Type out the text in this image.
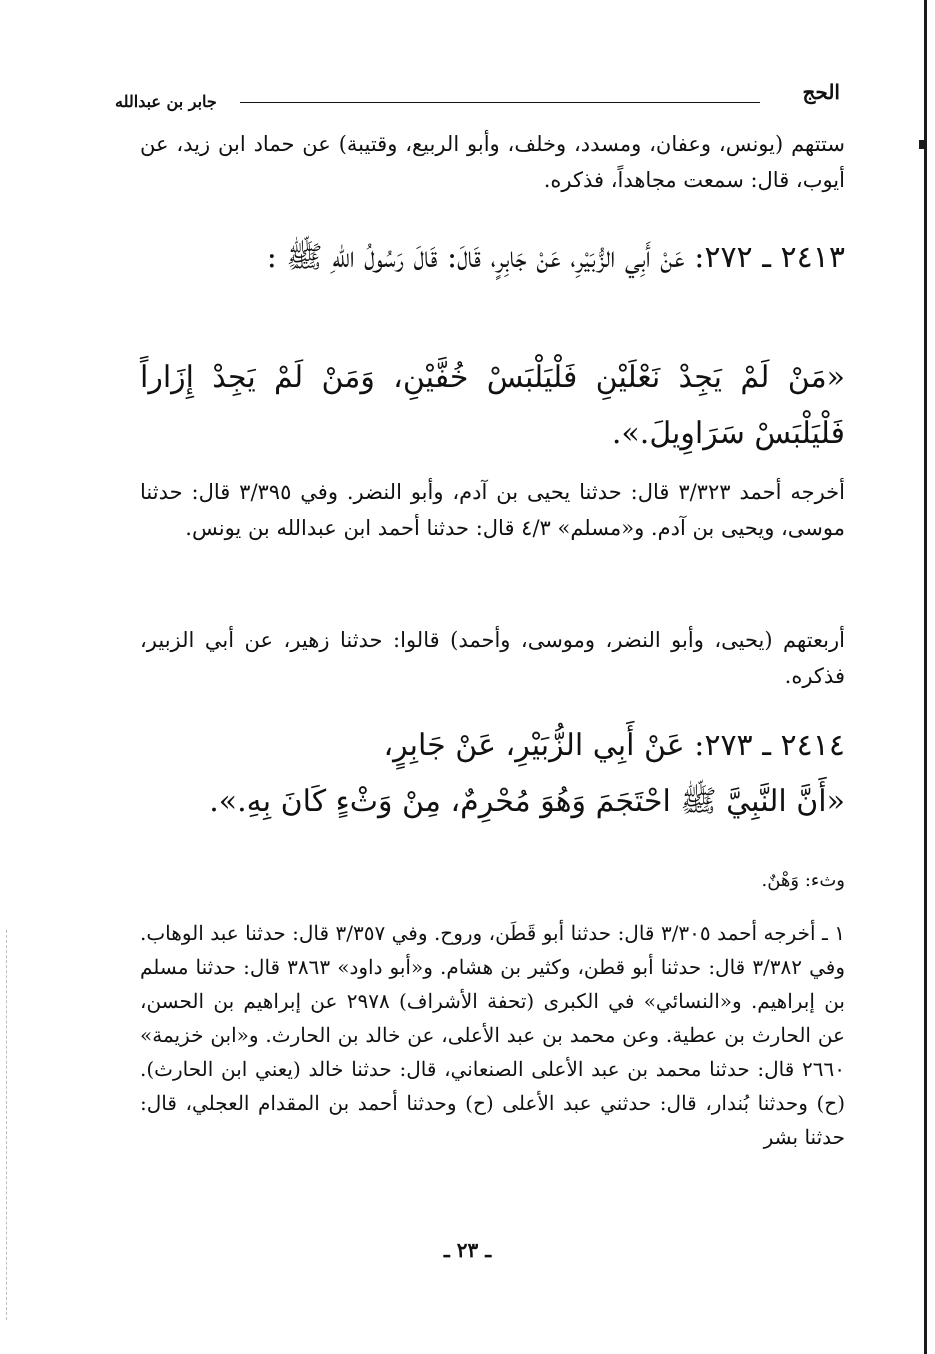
الحج
جابر بن عبدالله

ستتهم (يونس، وعفان، ومسدد، وخلف، وأبو الربيع، وقتيبة) عن حماد ابن زيد، عن أيوب، قال: سمعت مجاهداً، فذكره.

٢٤١٣ ـ ٢٧٢: عَنْ أَبِي الزُّبَيْرِ، عَنْ جَابِرٍ، قَالَ: قَالَ رَسُولُ اللهِ ﷺ :

«مَنْ لَمْ يَجِدْ نَعْلَيْنِ فَلْيَلْبَسْ خُفَّيْنِ، وَمَنْ لَمْ يَجِدْ إِزَاراً فَلْيَلْبَسْ سَرَاوِيلَ.».

أخرجه أحمد ٣/٣٢٣ قال: حدثنا يحيى بن آدم، وأبو النضر. وفي ٣/٣٩٥ قال: حدثنا موسى، ويحيى بن آدم. و«مسلم» ٤/٣ قال: حدثنا أحمد ابن عبدالله بن يونس.

أربعتهم (يحيى، وأبو النضر، وموسى، وأحمد) قالوا: حدثنا زهير، عن أبي الزبير، فذكره.

٢٤١٤ ـ ٢٧٣: عَنْ أَبِي الزُّبَيْرِ، عَنْ جَابِرٍ،

«أَنَّ النَّبِيَّ ﷺ احْتَجَمَ وَهُوَ مُحْرِمٌ، مِنْ وَثْءٍ كَانَ بِهِ.».

وثء: وَهْنٌ.

١ ـ أخرجه أحمد ٣/٣٠٥ قال: حدثنا أبو قَطَن، وروح. وفي ٣/٣٥٧ قال: حدثنا عبد الوهاب. وفي ٣/٣٨٢ قال: حدثنا أبو قطن، وكثير بن هشام. و«أبو داود» ٣٨٦٣ قال: حدثنا مسلم بن إبراهيم. و«النسائي» في الكبرى (تحفة الأشراف) ٢٩٧٨ عن إبراهيم بن الحسن، عن الحارث بن عطية. وعن محمد بن عبد الأعلى، عن خالد بن الحارث. و«ابن خزيمة» ٢٦٦٠ قال: حدثنا محمد بن عبد الأعلى الصنعاني، قال: حدثنا خالد (يعني ابن الحارث). (ح) وحدثنا بُندار، قال: حدثني عبد الأعلى (ح) وحدثنا أحمد بن المقدام العجلي، قال: حدثنا بشر

ـ ٢٣ ـ
